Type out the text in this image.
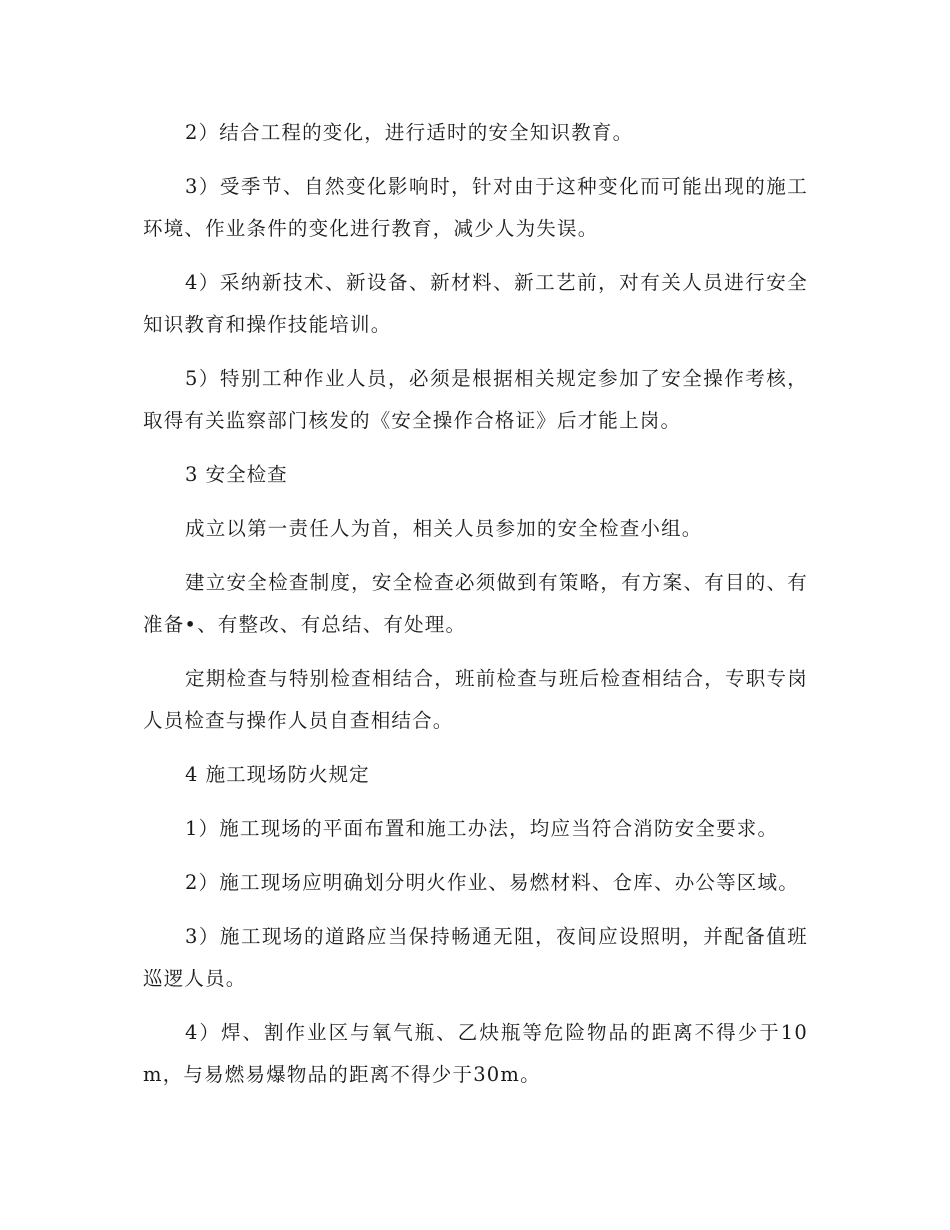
2）结合工程的变化，进行适时的安全知识教育。

3）受季节、自然变化影响时，针对由于这种变化而可能出现的施工环境、作业条件的变化进行教育，减少人为失误。

4）采纳新技术、新设备、新材料、新工艺前，对有关人员进行安全知识教育和操作技能培训。

5）特别工种作业人员，必须是根据相关规定参加了安全操作考核，取得有关监察部门核发的《安全操作合格证》后才能上岗。

3 安全检查

成立以第一责任人为首，相关人员参加的安全检查小组。

建立安全检查制度，安全检查必须做到有策略，有方案、有目的、有准备•、有整改、有总结、有处理。

定期检查与特别检查相结合，班前检查与班后检查相结合，专职专岗人员检查与操作人员自查相结合。

4 施工现场防火规定

1）施工现场的平面布置和施工办法，均应当符合消防安全要求。

2）施工现场应明确划分明火作业、易燃材料、仓库、办公等区域。

3）施工现场的道路应当保持畅通无阻，夜间应设照明，并配备值班巡逻人员。

4）焊、割作业区与氧气瓶、乙炔瓶等危险物品的距离不得少于10m，与易燃易爆物品的距离不得少于30m。
